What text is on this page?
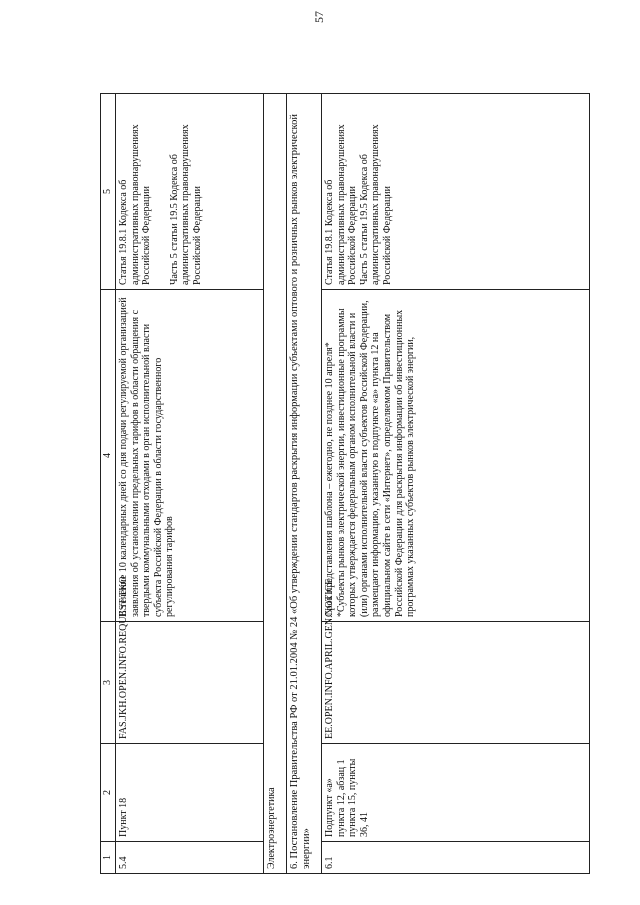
57
1	2	3	4	5
5.4	Пункт 18	FAS.JKH.OPEN.INFO.REQUEST.TKO	В течение 10 календарных дней со дня подачи регулируемой организацией заявления об установлении предельных тарифов в области обращения с твердыми коммунальными отходами в орган исполнительной власти субъекта Российской Федерации в области государственного регулирования тарифов	Статья 19.8.1 Кодекса об административных правонарушениях Российской Федерации Часть 5 статьи 19.5 Кодекса об административных правонарушениях Российской Федерации

Электроэнергетика				
6. Постановление Правительства РФ от 21.01.2004 № 24 «Об утверждении стандартов раскрытия информации субъектами оптового и розничных рынков электрической энергии»				
6.1	Подпункт «а» пункта 12, абзац 1 пункта 15, пункты 36, 41	EE.OPEN.INFO.APRIL.GEN.NOTICE	Срок представления шаблона – ежегодно, не позднее 10 апреля* *Субъекты рынков электрической энергии, инвестиционные программы которых утверждается федеральным органом исполнительной власти и (или) органами исполнительной власти субъектов Российской Федерации, размещают информацию, указанную в подпункте «а» пункта 12 на официальном сайте в сети «Интернет», определяемом Правительством Российской Федерации для раскрытия информации об инвестиционных программах указанных субъектов рынков электрической энергии,	Статья 19.8.1 Кодекса об административных правонарушениях Российской Федерации Часть 5 статьи 19.5 Кодекса об административных правонарушениях Российской Федерации
